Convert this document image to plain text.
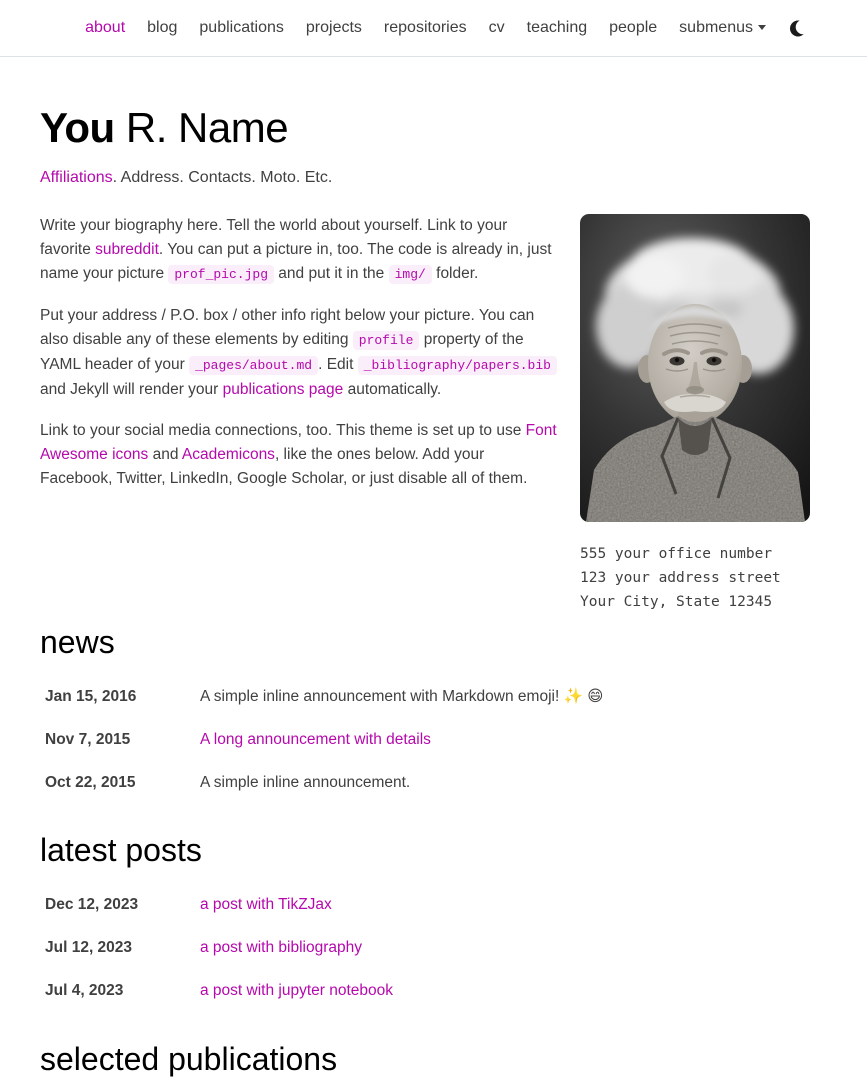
about	blog	publications	projects	repositories	cv	teaching	people	submenus
You R. Name

Affiliations. Address. Contacts. Moto. Etc.

Write your biography here. Tell the world about yourself. Link to your favorite subreddit. You can put a picture in, too. The code is already in, just name your picture prof_pic.jpg and put it in the img/ folder.

Put your address / P.O. box / other info right below your picture. You can also disable any of these elements by editing profile property of the YAML header of your _pages/about.md . Edit _bibliography/papers.bib and Jekyll will render your publications page automatically.

Link to your social media connections, too. This theme is set up to use Font Awesome icons and Academicons, like the ones below. Add your Facebook, Twitter, LinkedIn, Google Scholar, or just disable all of them.

555 your office number
123 your address street
Your City, State 12345
news
Jan 15, 2016	A simple inline announcement with Markdown emoji! ✨ 😄
Nov 7, 2015	A long announcement with details
Oct 22, 2015	A simple inline announcement.
latest posts
Dec 12, 2023	a post with TikZJax
Jul 12, 2023	a post with bibliography
Jul 4, 2023	a post with jupyter notebook
selected publications
